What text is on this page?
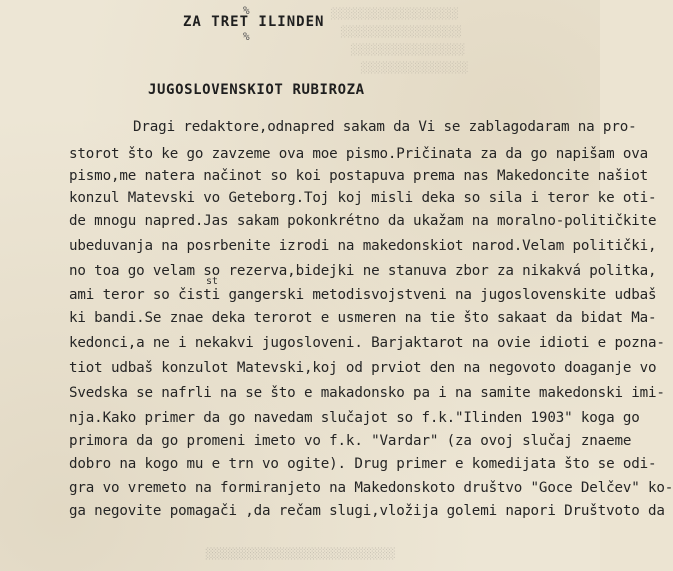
░░░░░░░░░░░░░░░░░░░
░░░░░░░░░░░░░░░░░░
░░░░░░░░░░░░░░░░░
░░░░░░░░░░░░░░░░
ZA TRET ILINDEN
%
%
JUGOSLOVENSKIOT RUBIROZA
Dragi redaktore,odnapred sakam da Vi se zablagodaram na pro-
storot što ke go zavzeme ova moe pismo.Pričinata za da go napišam ova
pismo,me natera načinot so koi postapuva prema nas Makedoncite našiot
konzul Matevski vo Geteborg.Toj koj misli deka so sila i teror ke oti-
de mnogu napred.Jas sakam pokonkrétno da ukažam na moralno-političkite
ubeduvanja na posrbenite izrodi na makedonskiot narod.Velam politički,
no toa go velam so rezerva,bidejki ne stanuva zbor za nikakvá politka,
st
ami teror so čisti gangerski metodisvojstveni na jugoslovenskite udbaš
ki bandi.Se znae deka terorot e usmeren na tie što sakaat da bidat Ma-
kedonci,a ne i nekakvi jugosloveni. Barjaktarot na ovie idioti e pozna-
tiot udbaš konzulot Matevski,koj od prviot den na negovoto doaganje vo
Svedska se nafrli na se što e makadonsko pa i na samite makedonski imi-
nja.Kako primer da go navedam slučajot so f.k."Ilinden 1903" koga go
primora da go promeni imeto vo f.k. "Vardar" (za ovoj slučaj znaeme
dobro na kogo mu e trn vo ogite). Drug primer e komedijata što se odi-
gra vo vremeto na formiranjeto na Makedonskoto društvo "Goce Delčev" ko-
ga negovite pomagači ,da rečam slugi,vložija golemi napori Društvoto da
░░░░░░░░░░░░░░░░░░░░░░░░░░░░░░
